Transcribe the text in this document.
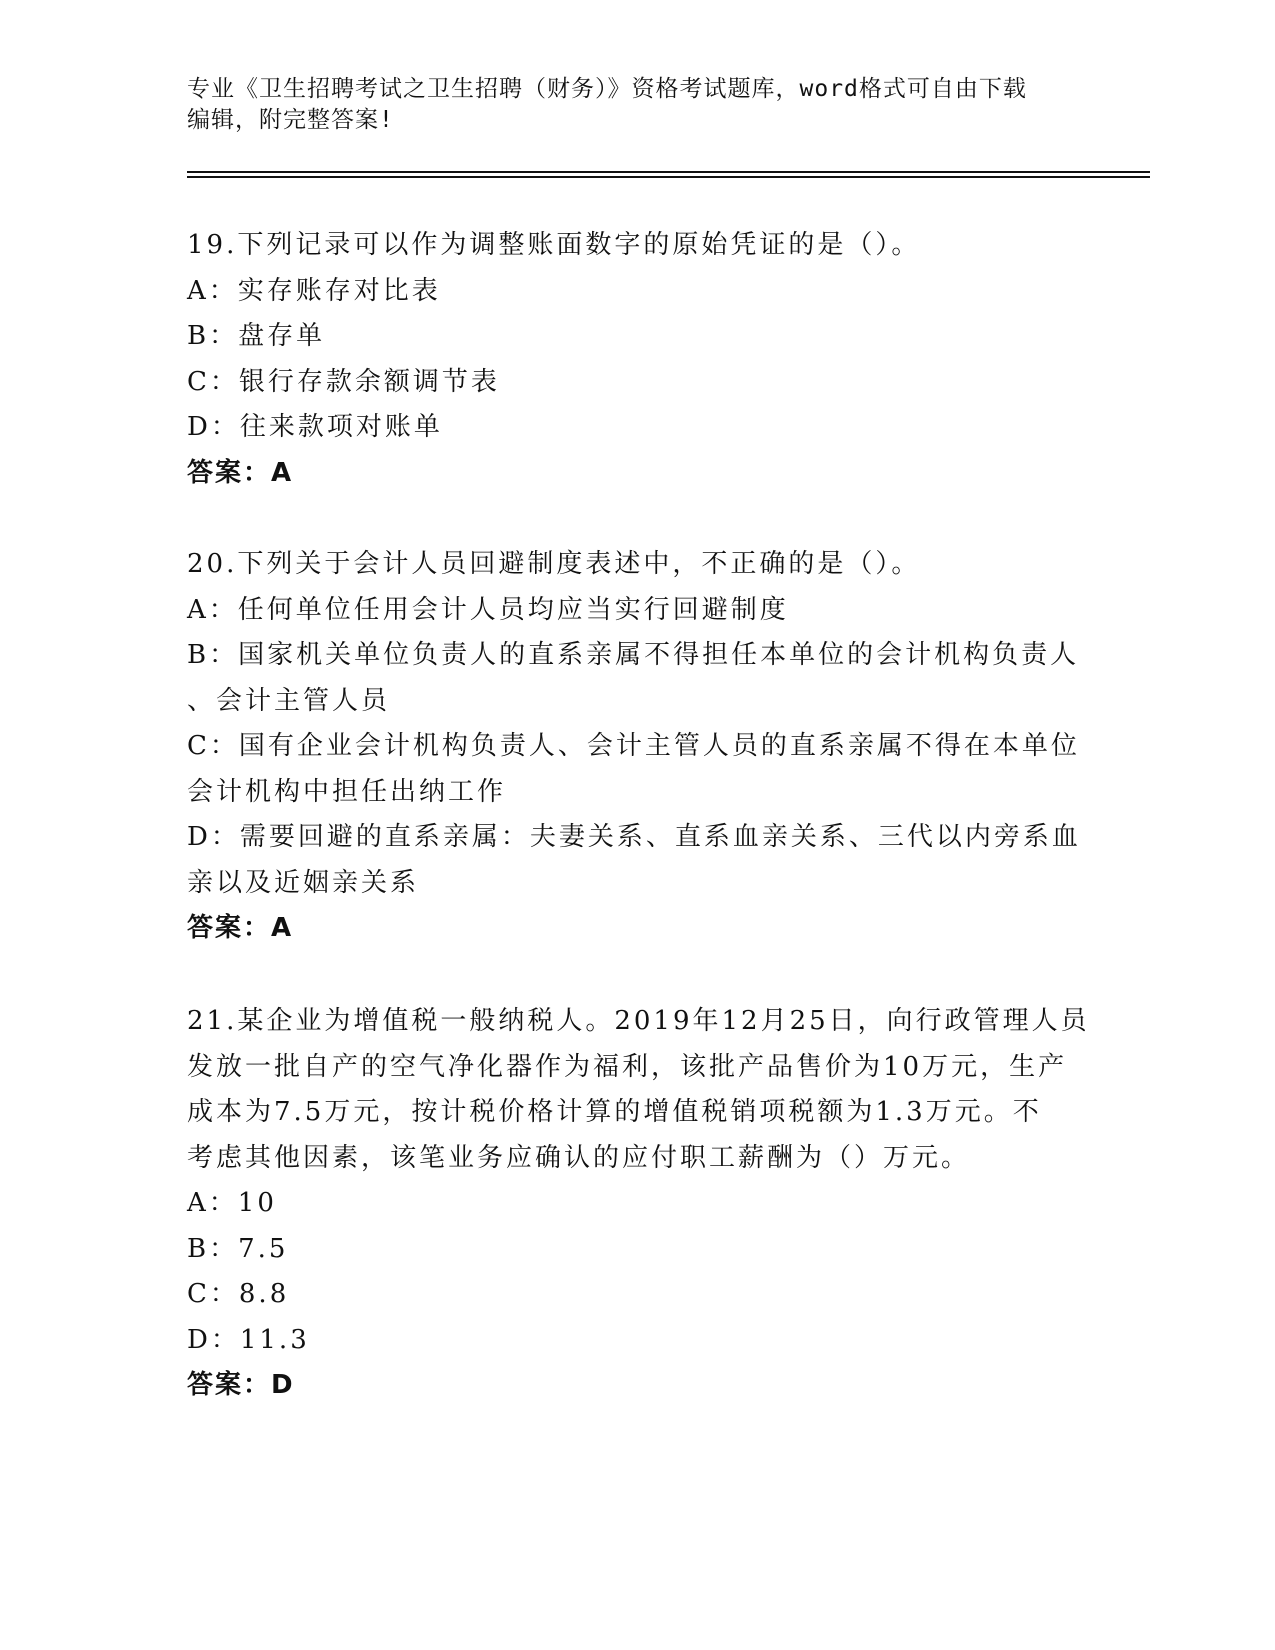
专业《卫生招聘考试之卫生招聘（财务）》资格考试题库，word格式可自由下载
编辑，附完整答案!
19.下列记录可以作为调整账面数字的原始凭证的是（）。
A：实存账存对比表
B：盘存单
C：银行存款余额调节表
D：往来款项对账单
答案：A
20.下列关于会计人员回避制度表述中，不正确的是（）。
A：任何单位任用会计人员均应当实行回避制度
B：国家机关单位负责人的直系亲属不得担任本单位的会计机构负责人
、会计主管人员
C：国有企业会计机构负责人、会计主管人员的直系亲属不得在本单位
会计机构中担任出纳工作
D：需要回避的直系亲属：夫妻关系、直系血亲关系、三代以内旁系血
亲以及近姻亲关系
答案：A
21.某企业为增值税一般纳税人。2019年12月25日，向行政管理人员
发放一批自产的空气净化器作为福利，该批产品售价为10万元，生产
成本为7.5万元，按计税价格计算的增值税销项税额为1.3万元。不
考虑其他因素，该笔业务应确认的应付职工薪酬为（）万元。
A：10
B：7.5
C：8.8
D：11.3
答案：D
